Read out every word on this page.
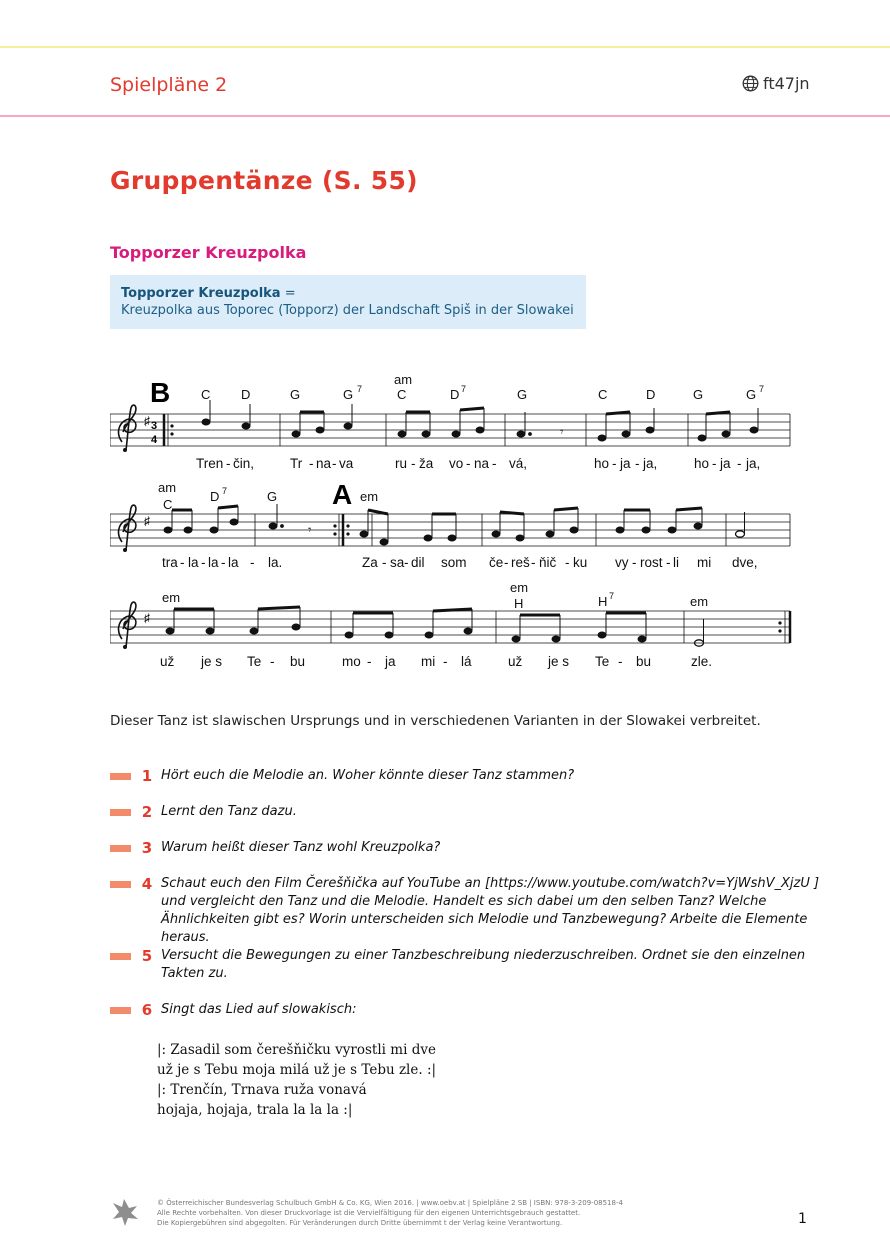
Spielpläne 2	ft47jn
Gruppentänze (S. 55)
Topporzer Kreuzpolka
Topporzer Kreuzpolka =
Kreuzpolka aus Toporec (Topporz) der Landschaft Spiš in der Slowakei
B C D	G	G 7
am
C	D 7	G	C	D	G	G 7
♯ 3
4
𝄾
Tren - čin,	Tr - na - va	ru - ža vo - na - vá,	ho - ja - ja,	ho - ja - ja,
am
C
D 7	G	em
A
♯
𝄾
tra - la - la - la - la.	Za - sa - dil som če - reš - ňič - ku vy - rost - li mi dve,
em
em
H	H 7	em
♯
už je s Te - bu	mo - ja mi - lá	už je s Te - bu	zle.
Dieser Tanz ist slawischen Ursprungs und in verschiedenen Varianten in der Slowakei verbreitet.
1 Hört euch die Melodie an. Woher könnte dieser Tanz stammen?
2 Lernt den Tanz dazu.
3 Warum heißt dieser Tanz wohl Kreuzpolka?
4 Schaut euch den Film Čerešňička auf YouTube an [https://www.youtube.com/watch?v=YjWshV_XjzU ] und vergleicht den Tanz und die Melodie. Handelt es sich dabei um den selben Tanz? Welche Ähnlichkeiten gibt es? Worin unterscheiden sich Melodie und Tanzbewegung? Arbeite die Elemente heraus.
5 Versucht die Bewegungen zu einer Tanzbeschreibung niederzuschreiben. Ordnet sie den einzelnen Takten zu.
6 Singt das Lied auf slowakisch:
|: Zasadil som čerešňičku vyrostli mi dve
už je s Tebu moja milá už je s Tebu zle. :|
|: Trenčín, Trnava ruža vonavá
hojaja, hojaja, trala la la la :|
© Österreichischer Bundesverlag Schulbuch GmbH & Co. KG, Wien 2016. | www.oebv.at | Spielpläne 2 SB | ISBN: 978-3-209-08518-4
Alle Rechte vorbehalten. Von dieser Druckvorlage ist die Vervielfältigung für den eigenen Unterrichtsgebrauch gestattet.
Die Kopiergebühren sind abgegolten. Für Veränderungen durch Dritte übernimmt t der Verlag keine Verantwortung.	1
